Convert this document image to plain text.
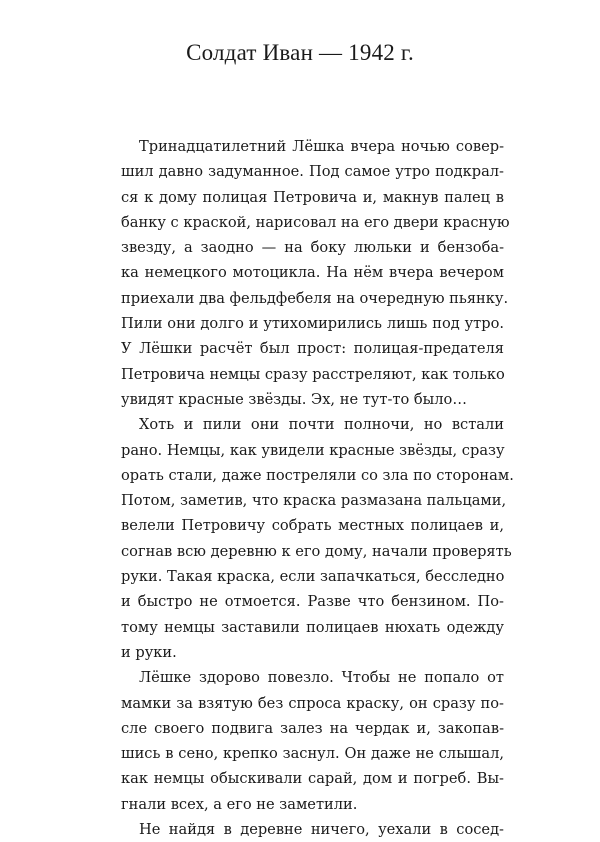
Солдат Иван — 1942 г.
Тринадцатилетний Лёшка вчера ночью совер-
шил давно задуманное. Под самое утро подкрал-
ся к дому полицая Петровича и, макнув палец в
банку с краской, нарисовал на его двери красную
звезду, а заодно — на боку люльки и бензоба-
ка немецкого мотоцикла. На нём вчера вечером
приехали два фельдфебеля на очередную пьянку.
Пили они долго и утихомирились лишь под утро.
У Лёшки расчёт был прост: полицая-предателя
Петровича немцы сразу расстреляют, как только
увидят красные звёзды. Эх, не тут-то было…
Хоть и пили они почти полночи, но встали
рано. Немцы, как увидели красные звёзды, сразу
орать стали, даже постреляли со зла по сторонам.
Потом, заметив, что краска размазана пальцами,
велели Петровичу собрать местных полицаев и,
согнав всю деревню к его дому, начали проверять
руки. Такая краска, если запачкаться, бесследно
и быстро не отмоется. Разве что бензином. По-
тому немцы заставили полицаев нюхать одежду
и руки.
Лёшке здорово повезло. Чтобы не попало от
мамки за взятую без спроса краску, он сразу по-
сле своего подвига залез на чердак и, закопав-
шись в сено, крепко заснул. Он даже не слышал,
как немцы обыскивали сарай, дом и погреб. Вы-
гнали всех, а его не заметили.
Не найдя в деревне ничего, уехали в сосед-
